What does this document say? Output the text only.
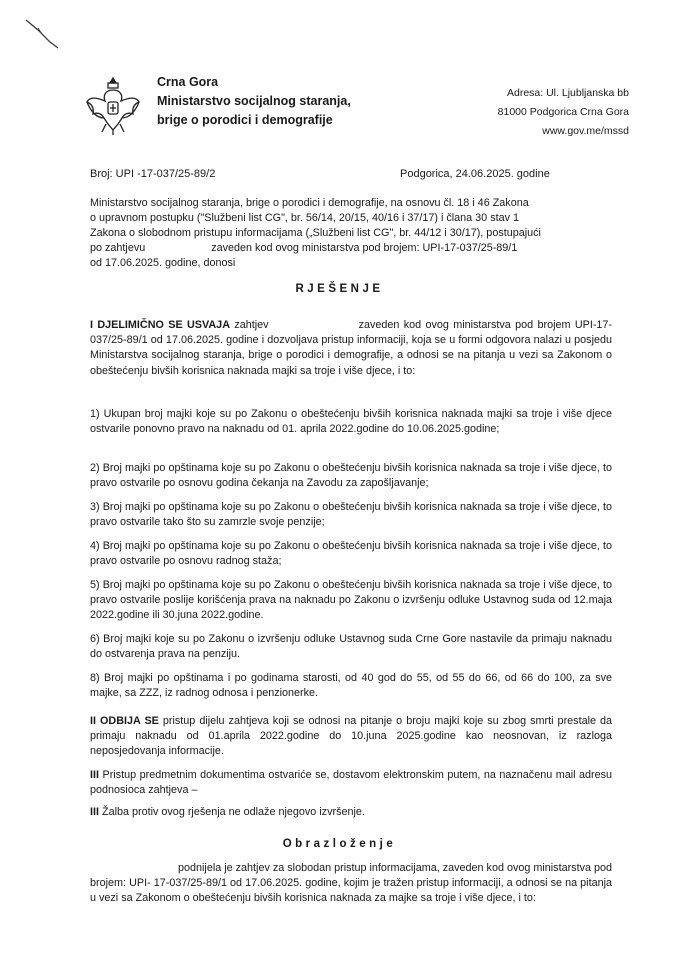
Crna Gora
Ministarstvo socijalnog staranja,
brige o porodici i demografije
Adresa: Ul. Ljubljanska bb
81000 Podgorica Crna Gora
www.gov.me/mssd
Broj: UPI -17-037/25-89/2	Podgorica, 24.06.2025. godine
Ministarstvo socijalnog staranja, brige o porodici i demografije, na osnovu čl. 18 i 46 Zakona
o upravnom postupku ("Službeni list CG", br. 56/14, 20/15, 40/16 i 37/17) i člana 30 stav 1
Zakona o slobodnom pristupu informacijama („Službeni list CG", br. 44/12 i 30/17), postupajući
po zahtjevu	zaveden kod ovog ministarstva pod brojem: UPI-17-037/25-89/1
od 17.06.2025. godine, donosi
RJEŠENJE

I DJELIMIČNO SE USVAJA zahtjev	zaveden kod ovog ministarstva pod brojem UPI-17-037/25-89/1 od 17.06.2025. godine i dozvoljava pristup informaciji, koja se u formi odgovora nalazi u posjedu Ministarstva socijalnog staranja, brige o porodici i demografije, a odnosi se na pitanja u vezi sa Zakonom o obeštećenju bivših korisnica naknada majki sa troje i više djece, i to:

1) Ukupan broj majki koje su po Zakonu o obeštećenju bivših korisnica naknada majki sa troje i više djece ostvarile ponovno pravo na naknadu od 01. aprila 2022.godine do 10.06.2025.godine;
2) Broj majki po opštinama koje su po Zakonu o obeštećenju bivših korisnica naknada sa troje i više djece, to pravo ostvarile po osnovu godina čekanja na Zavodu za zapošljavanje;
3) Broj majki po opštinama koje su po Zakonu o obeštećenju bivših korisnica naknada sa troje i više djece, to pravo ostvarile tako što su zamrzle svoje penzije;
4) Broj majki po opštinama koje su po Zakonu o obeštećenju bivših korisnica naknada sa troje i više djece, to pravo ostvarile po osnovu radnog staža;
5) Broj majki po opštinama koje su po Zakonu o obeštećenju bivših korisnica naknada sa troje i više djece, to pravo ostvarile poslije korišćenja prava na naknadu po Zakonu o izvršenju odluke Ustavnog suda od 12.maja 2022.godine ili 30.juna 2022.godine.
6) Broj majki koje su po Zakonu o izvršenju odluke Ustavnog suda Crne Gore nastavile da primaju naknadu do ostvarenja prava na penziju.
8) Broj majki po opštinama i po godinama starosti, od 40 god do 55, od 55 do 66, od 66 do 100, za sve majke, sa ZZZ, iz radnog odnosa i penzionerke.
II ODBIJA SE pristup dijelu zahtjeva koji se odnosi na pitanje o broju majki koje su zbog smrti prestale da primaju naknadu od 01.aprila 2022.godine do 10.juna 2025.godine kao neosnovan, iz razloga neposjedovanja informacije.
III Pristup predmetnim dokumentima ostvariće se, dostavom elektronskim putem, na naznačenu mail adresu podnosioca zahtjeva –
III Žalba protiv ovog rješenja ne odlaže njegovo izvršenje.
Obrazloženje
podnijela je zahtjev za slobodan pristup informacijama, zaveden kod ovog ministarstva pod brojem: UPI- 17-037/25-89/1 od 17.06.2025. godine, kojim je tražen pristup informaciji, a odnosi se na pitanja u vezi sa Zakonom o obeštećenju bivših korisnica naknada za majke sa troje i više djece, i to:
